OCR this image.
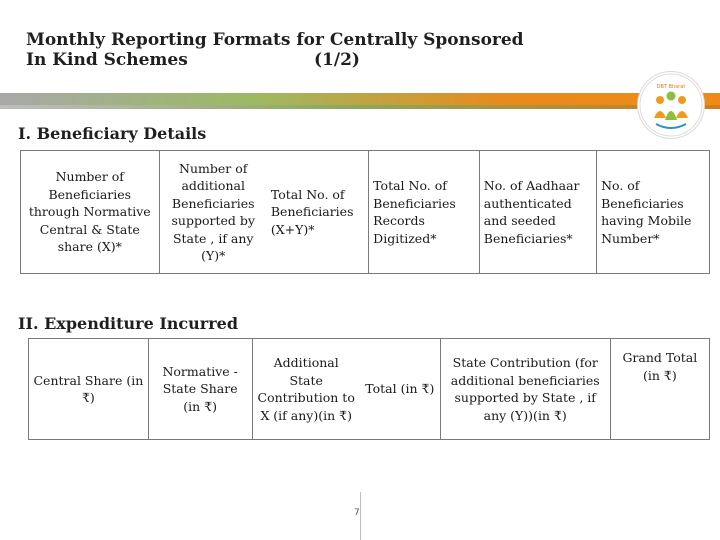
Monthly Reporting Formats for Centrally Sponsored
In Kind Schemes	(1/2)
DBT Bharat
I. Beneficiary Details
Number of Beneficiaries through Normative Central & State share (X)*	Number of additional Beneficiaries supported by State , if any (Y)*	Total No. of Beneficiaries (X+Y)*	Total No. of Beneficiaries Records Digitized*	No. of Aadhaar authenticated and seeded Beneficiaries*	No. of Beneficiaries having Mobile Number*
II. Expenditure Incurred
Central Share (in ₹)	Normative - State Share (in ₹)	Additional State Contribution to X (if any)(in ₹)	Total (in ₹)	State Contribution (for additional beneficiaries supported by State , if any (Y))(in ₹)	Grand Total (in ₹)
7
